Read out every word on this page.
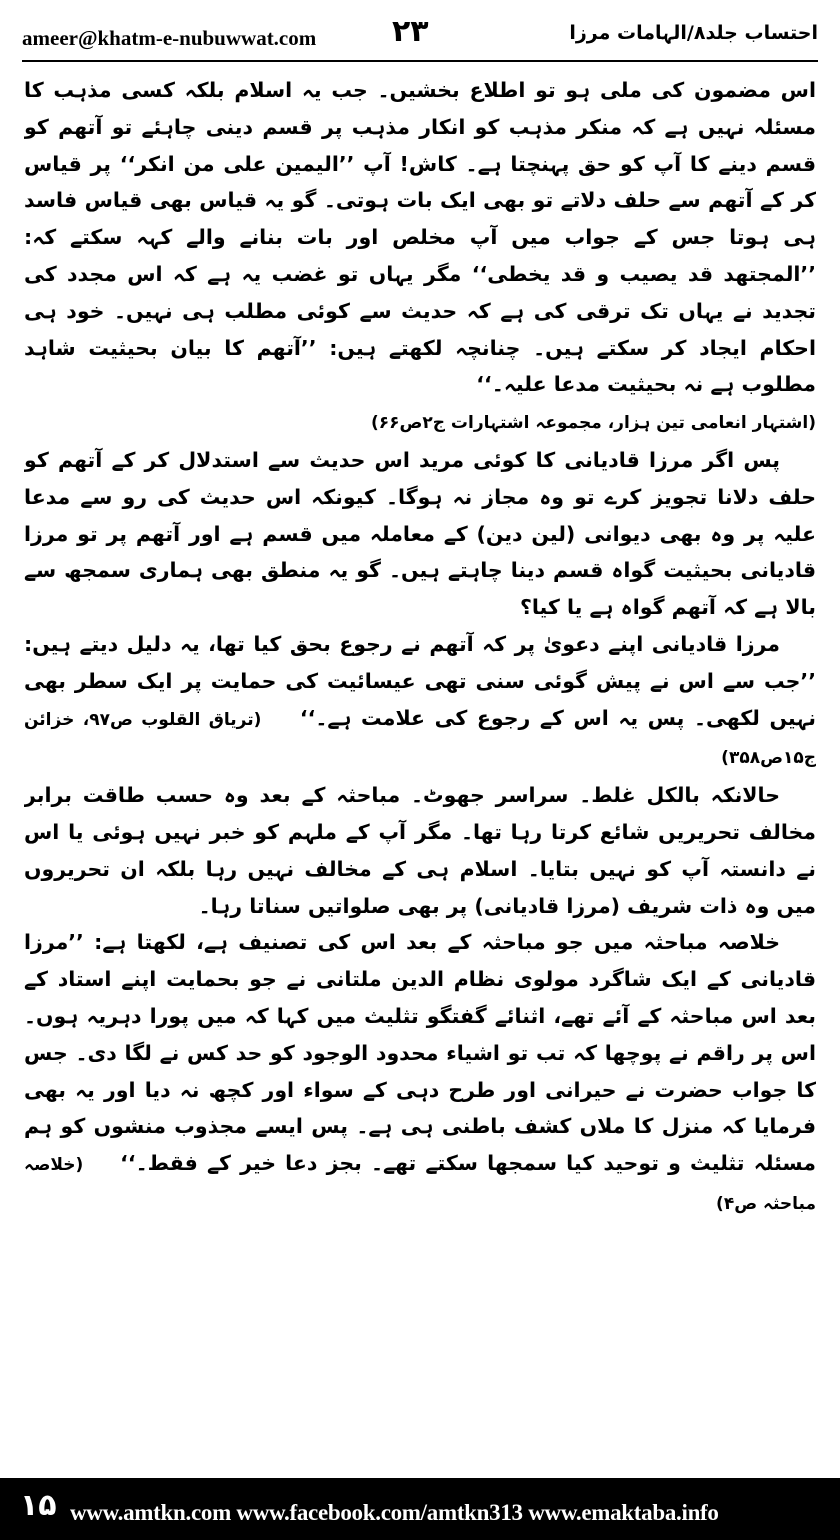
ameer@khatm-e-nubuwwat.com	۲۳	احتساب جلد۸/الہامات مرزا

اس مضمون کی ملی ہو تو اطلاع بخشیں۔ جب یہ اسلام بلکہ کسی مذہب کا مسئلہ نہیں ہے کہ منکر مذہب کو انکار مذہب پر قسم دینی چاہئے تو آتھم کو قسم دینے کا آپ کو حق پہنچتا ہے۔ کاش! آپ ’’الیمین علی من انکر‘‘ پر قیاس کر کے آتھم سے حلف دلاتے تو بھی ایک بات ہوتی۔ گو یہ قیاس بھی قیاس فاسد ہی ہوتا جس کے جواب میں آپ مخلص اور بات بنانے والے کہہ سکتے کہ: ’’المجتهد قد یصیب و قد یخطی‘‘ مگر یہاں تو غضب یہ ہے کہ اس مجدد کی تجدید نے یہاں تک ترقی کی ہے کہ حدیث سے کوئی مطلب ہی نہیں۔ خود ہی احکام ایجاد کر سکتے ہیں۔ چنانچہ لکھتے ہیں: ’’آتھم کا بیان بحیثیت شاہد مطلوب ہے نہ بحیثیت مدعا علیہ۔‘‘

(اشتہار انعامی تین ہزار، مجموعہ اشتہارات ج۲ص۶۶)

پس اگر مرزا قادیانی کا کوئی مرید اس حدیث سے استدلال کر کے آتھم کو حلف دلانا تجویز کرے تو وہ مجاز نہ ہوگا۔ کیونکہ اس حدیث کی رو سے مدعا علیہ پر وہ بھی دیوانی (لین دین) کے معاملہ میں قسم ہے اور آتھم پر تو مرزا قادیانی بحیثیت گواہ قسم دینا چاہتے ہیں۔ گو یہ منطق بھی ہماری سمجھ سے بالا ہے کہ آتھم گواہ ہے یا کیا؟

مرزا قادیانی اپنے دعویٰ پر کہ آتھم نے رجوع بحق کیا تھا، یہ دلیل دیتے ہیں: ’’جب سے اس نے پیش گوئی سنی تھی عیسائیت کی حمایت پر ایک سطر بھی نہیں لکھی۔ پس یہ اس کے رجوع کی علامت ہے۔‘‘    (تریاق القلوب ص۹۷، خزائن ج۱۵ص۳۵۸)

حالانکہ بالکل غلط۔ سراسر جھوٹ۔ مباحثہ کے بعد وہ حسب طاقت برابر مخالف تحریریں شائع کرتا رہا تھا۔ مگر آپ کے ملہم کو خبر نہیں ہوئی یا اس نے دانستہ آپ کو نہیں بتایا۔ اسلام ہی کے مخالف نہیں رہا بلکہ ان تحریروں میں وہ ذات شریف (مرزا قادیانی) پر بھی صلواتیں سناتا رہا۔

خلاصہ مباحثہ میں جو مباحثہ کے بعد اس کی تصنیف ہے، لکھتا ہے: ’’مرزا قادیانی کے ایک شاگرد مولوی نظام الدین ملتانی نے جو بحمایت اپنے استاد کے بعد اس مباحثہ کے آئے تھے، اثنائے گفتگو تثلیث میں کہا کہ میں پورا دہریہ ہوں۔ اس پر راقم نے پوچھا کہ تب تو اشیاء محدود الوجود کو حد کس نے لگا دی۔ جس کا جواب حضرت نے حیرانی اور طرح دہی کے سواء اور کچھ نہ دیا اور یہ بھی فرمایا کہ منزل کا ملاں کشف باطنی ہی ہے۔ پس ایسے مجذوب منشوں کو ہم مسئلہ تثلیث و توحید کیا سمجھا سکتے تھے۔ بجز دعا خیر کے فقط۔‘‘    (خلاصہ مباحثہ ص۴)

۱۵ www.amtkn.com www.facebook.com/amtkn313 www.emaktaba.info
